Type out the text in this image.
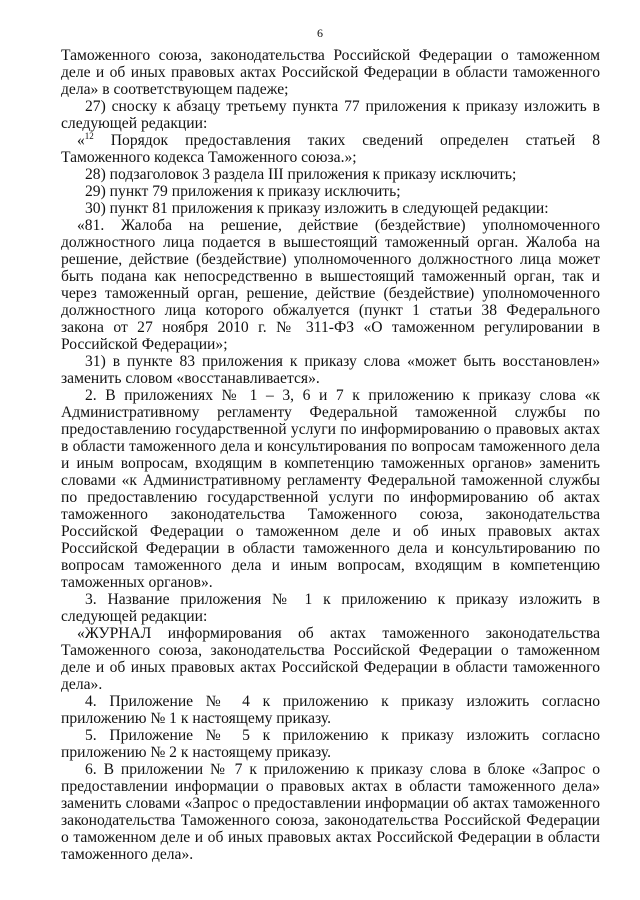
6

Таможенного союза, законодательства Российской Федерации о таможенном деле и об иных правовых актах Российской Федерации в области таможенного дела» в соответствующем падеже;

27) сноску к абзацу третьему пункта 77 приложения к приказу изложить в следующей редакции:

«$^{12}$ Порядок предоставления таких сведений определен статьей 8 Таможенного кодекса Таможенного союза.»;

28) подзаголовок 3 раздела III приложения к приказу исключить;

29) пункт 79 приложения к приказу исключить;

30) пункт 81 приложения к приказу изложить в следующей редакции:

«81. Жалоба на решение, действие (бездействие) уполномоченного должностного лица подается в вышестоящий таможенный орган. Жалоба на решение, действие (бездействие) уполномоченного должностного лица может быть подана как непосредственно в вышестоящий таможенный орган, так и через таможенный орган, решение, действие (бездействие) уполномоченного должностного лица которого обжалуется (пункт 1 статьи 38 Федерального закона от 27 ноября 2010 г. № 311-ФЗ «О таможенном регулировании в Российской Федерации»;

31) в пункте 83 приложения к приказу слова «может быть восстановлен» заменить словом «восстанавливается».

2. В приложениях № 1 – 3, 6 и 7 к приложению к приказу слова «к Административному регламенту Федеральной таможенной службы по предоставлению государственной услуги по информированию о правовых актах в области таможенного дела и консультирования по вопросам таможенного дела и иным вопросам, входящим в компетенцию таможенных органов» заменить словами «к Административному регламенту Федеральной таможенной службы по предоставлению государственной услуги по информированию об актах таможенного законодательства Таможенного союза, законодательства Российской Федерации о таможенном деле и об иных правовых актах Российской Федерации в области таможенного дела и консультированию по вопросам таможенного дела и иным вопросам, входящим в компетенцию таможенных органов».

3. Название приложения № 1 к приложению к приказу изложить в следующей редакции:

«ЖУРНАЛ информирования об актах таможенного законодательства Таможенного союза, законодательства Российской Федерации о таможенном деле и об иных правовых актах Российской Федерации в области таможенного дела».

4. Приложение № 4 к приложению к приказу изложить согласно приложению № 1 к настоящему приказу.

5. Приложение № 5 к приложению к приказу изложить согласно приложению № 2 к настоящему приказу.

6. В приложении № 7 к приложению к приказу слова в блоке «Запрос о предоставлении информации о правовых актах в области таможенного дела» заменить словами «Запрос о предоставлении информации об актах таможенного законодательства Таможенного союза, законодательства Российской Федерации о таможенном деле и об иных правовых актах Российской Федерации в области таможенного дела».
